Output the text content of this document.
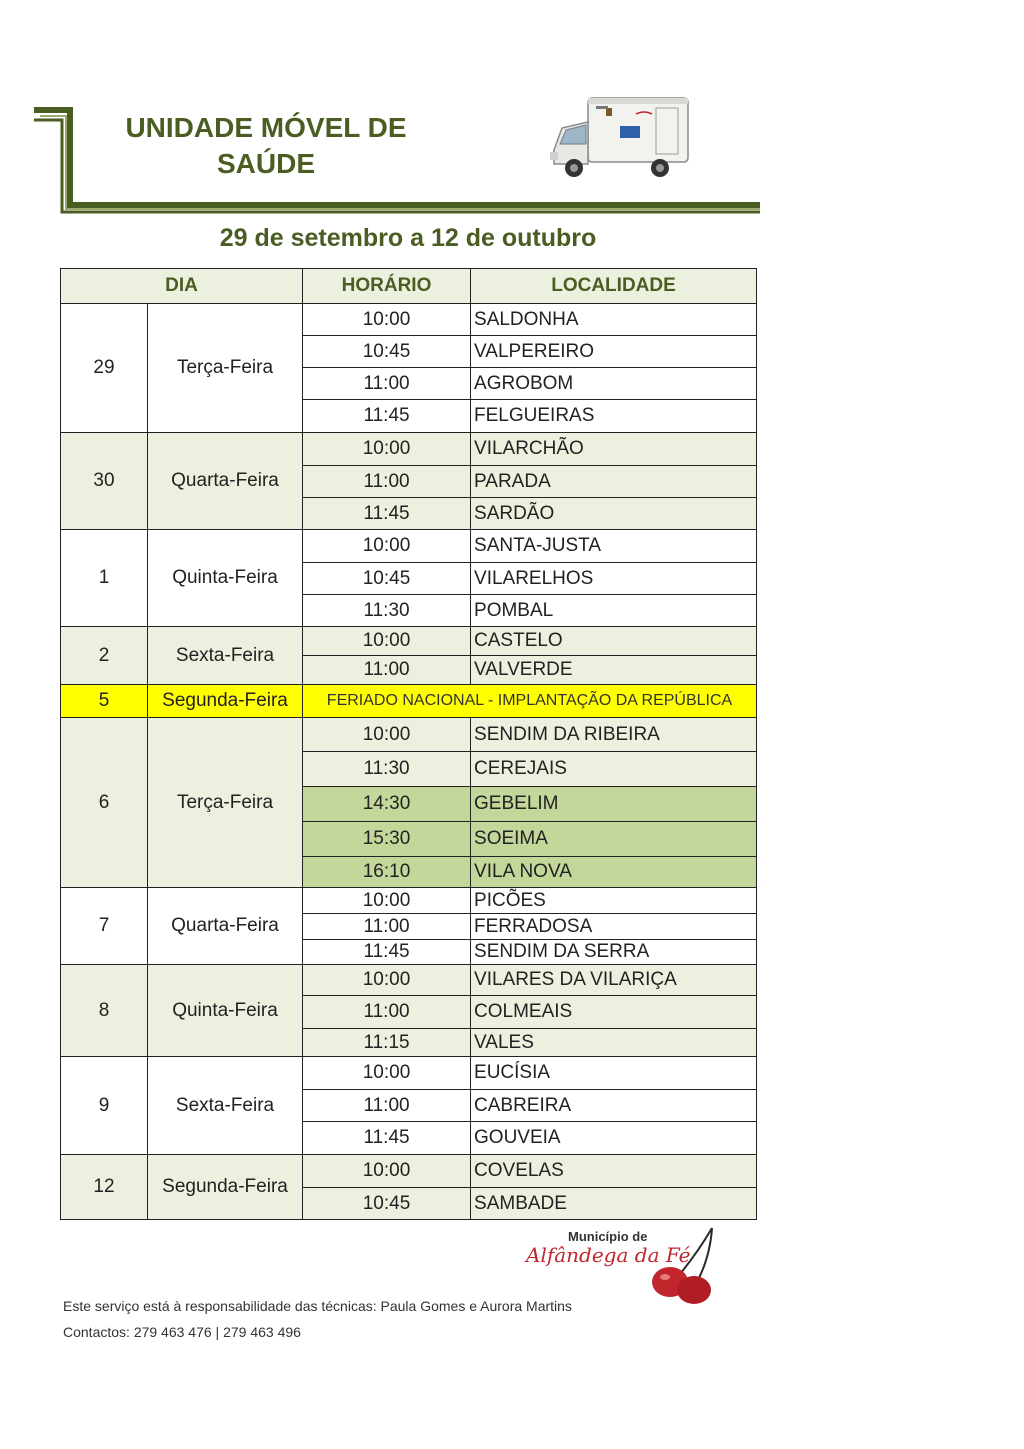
UNIDADE MÓVEL DE
SAÚDE
29 de setembro a 12 de outubro
DIA		HORÁRIO	LOCALIDADE
29	Terça-Feira	10:00	SALDONHA
		10:45	VALPEREIRO
		11:00	AGROBOM
		11:45	FELGUEIRAS
30	Quarta-Feira	10:00	VILARCHÃO
		11:00	PARADA
		11:45	SARDÃO
1	Quinta-Feira	10:00	SANTA-JUSTA
		10:45	VILARELHOS
		11:30	POMBAL
2	Sexta-Feira	10:00	CASTELO
		11:00	VALVERDE
5	Segunda-Feira	FERIADO NACIONAL - IMPLANTAÇÃO DA REPÚBLICA	
6	Terça-Feira	10:00	SENDIM DA RIBEIRA
		11:30	CEREJAIS
		14:30	GEBELIM
		15:30	SOEIMA
		16:10	VILA NOVA
7	Quarta-Feira	10:00	PICÕES
		11:00	FERRADOSA
		11:45	SENDIM DA SERRA
8	Quinta-Feira	10:00	VILARES DA VILARIÇA
		11:00	COLMEAIS
		11:15	VALES
9	Sexta-Feira	10:00	EUCÍSIA
		11:00	CABREIRA
		11:45	GOUVEIA
12	Segunda-Feira	10:00	COVELAS
		10:45	SAMBADE
Município de
Alfândega da Fé
Este serviço está à responsabilidade das técnicas: Paula Gomes e Aurora Martins
Contactos: 279 463 476 | 279 463 496
